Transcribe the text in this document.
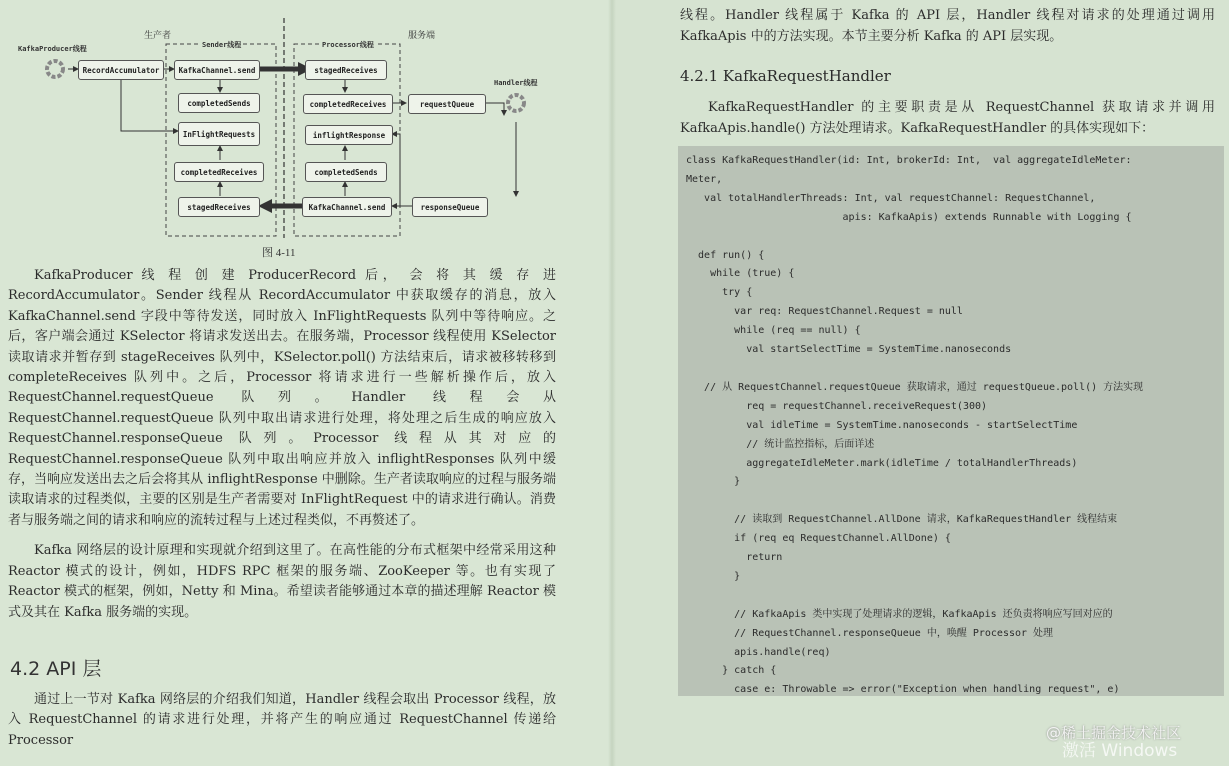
KafkaProducer线程
生产者	服务端
Sender线程	Processor线程
Handler线程
RecordAccumulator	KafkaChannel.send
completedSends
InFlightRequests
completedReceives
stagedReceives
stagedReceives
completedReceives
inflightResponse
completedSends
KafkaChannel.send
requestQueue
responseQueue
图 4-11

KafkaProducer 线 程 创 建 ProducerRecord 后， 会 将 其 缓 存 进 RecordAccumulator。Sender 线程从 RecordAccumulator 中获取缓存的消息，放入 KafkaChannel.send 字段中等待发送，同时放入 InFlightRequests 队列中等待响应。之后，客户端会通过 KSelector 将请求发送出去。在服务端，Processor 线程使用 KSelector 读取请求并暂存到 stageReceives 队列中，KSelector.poll() 方法结束后，请求被移转移到 completeReceives 队列中。之后，Processor 将请求进行一些解析操作后，放入 RequestChannel.requestQueue 队列。Handler 线程会从 RequestChannel.requestQueue 队列中取出请求进行处理，将处理之后生成的响应放入 RequestChannel.responseQueue 队列。Processor 线程从其对应的 RequestChannel.responseQueue 队列中取出响应并放入 inflightResponses 队列中缓存，当响应发送出去之后会将其从 inflightResponse 中删除。生产者读取响应的过程与服务端读取请求的过程类似，主要的区别是生产者需要对 InFlightRequest 中的请求进行确认。消费者与服务端之间的请求和响应的流转过程与上述过程类似，不再赘述了。

Kafka 网络层的设计原理和实现就介绍到这里了。在高性能的分布式框架中经常采用这种 Reactor 模式的设计，例如，HDFS RPC 框架的服务端、ZooKeeper 等。也有实现了 Reactor 模式的框架，例如，Netty 和 Mina。希望读者能够通过本章的描述理解 Reactor 模式及其在 Kafka 服务端的实现。

4.2 API 层

通过上一节对 Kafka 网络层的介绍我们知道，Handler 线程会取出 Processor 线程，放入 RequestChannel 的请求进行处理，并将产生的响应通过 RequestChannel 传递给 Processor

线程。Handler 线程属于 Kafka 的 API 层，Handler 线程对请求的处理通过调用 KafkaApis 中的方法实现。本节主要分析 Kafka 的 API 层实现。

4.2.1 KafkaRequestHandler

KafkaRequestHandler 的主要职责是从 RequestChannel 获取请求并调用 KafkaApis.handle() 方法处理请求。KafkaRequestHandler 的具体实现如下：

class KafkaRequestHandler(id: Int, brokerId: Int,  val aggregateIdleMeter:
Meter,
val totalHandlerThreads: Int, val requestChannel: RequestChannel,
apis: KafkaApis) extends Runnable with Logging {

def run() {
while (true) {
try {
var req: RequestChannel.Request = null
while (req == null) {
val startSelectTime = SystemTime.nanoseconds

// 从 RequestChannel.requestQueue 获取请求，通过 requestQueue.poll() 方法实现
req = requestChannel.receiveRequest(300)
val idleTime = SystemTime.nanoseconds - startSelectTime
// 统计监控指标，后面详述
aggregateIdleMeter.mark(idleTime / totalHandlerThreads)
}

// 读取到 RequestChannel.AllDone 请求，KafkaRequestHandler 线程结束
if (req eq RequestChannel.AllDone) {
return
}

// KafkaApis 类中实现了处理请求的逻辑，KafkaApis 还负责将响应写回对应的
// RequestChannel.responseQueue 中，唤醒 Processor 处理
apis.handle(req)
} catch {
case e: Throwable => error("Exception when handling request", e)
@稀土掘金技术社区
激活 Windows
